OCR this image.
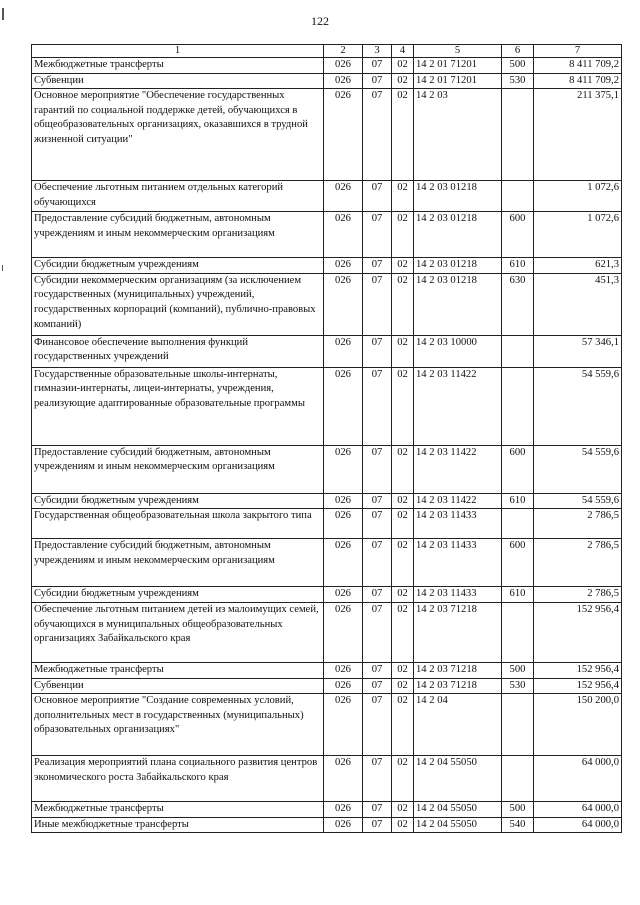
122
1	2	3	4	5	6	7
Межбюджетные трансферты	026	07	02	14 2 01 71201	500	8 411 709,2
Субвенции	026	07	02	14 2 01 71201	530	8 411 709,2
Основное мероприятие "Обеспечение государственных гарантий по социальной поддержке детей, обучающихся в общеобразовательных организациях, оказавшихся в трудной жизненной ситуации"	026	07	02	14 2 03		211 375,1
Обеспечение льготным питанием отдельных категорий обучающихся	026	07	02	14 2 03 01218		1 072,6
Предоставление субсидий бюджетным, автономным учреждениям и иным некоммерческим организациям	026	07	02	14 2 03 01218	600	1 072,6
Субсидии бюджетным учреждениям	026	07	02	14 2 03 01218	610	621,3
Субсидии некоммерческим организациям (за исключением государственных (муниципальных) учреждений, государственных корпораций (компаний), публично-правовых компаний)	026	07	02	14 2 03 01218	630	451,3
Финансовое обеспечение выполнения функций государственных учреждений	026	07	02	14 2 03 10000		57 346,1
Государственные образовательные школы-интернаты, гимназии-интернаты, лицеи-интернаты, учреждения, реализующие адаптированные образовательные программы	026	07	02	14 2 03 11422		54 559,6
Предоставление субсидий бюджетным, автономным учреждениям и иным некоммерческим организациям	026	07	02	14 2 03 11422	600	54 559,6
Субсидии бюджетным учреждениям	026	07	02	14 2 03 11422	610	54 559,6
Государственная общеобразовательная школа закрытого типа	026	07	02	14 2 03 11433		2 786,5
Предоставление субсидий бюджетным, автономным учреждениям и иным некоммерческим организациям	026	07	02	14 2 03 11433	600	2 786,5
Субсидии бюджетным учреждениям	026	07	02	14 2 03 11433	610	2 786,5
Обеспечение льготным питанием детей из малоимущих семей, обучающихся в муниципальных общеобразовательных организациях Забайкальского края	026	07	02	14 2 03 71218		152 956,4
Межбюджетные трансферты	026	07	02	14 2 03 71218	500	152 956,4
Субвенции	026	07	02	14 2 03 71218	530	152 956,4
Основное мероприятие "Создание современных условий, дополнительных мест в государственных (муниципальных) образовательных организациях"	026	07	02	14 2 04		150 200,0
Реализация мероприятий плана социального развития центров экономического роста Забайкальского края	026	07	02	14 2 04 55050		64 000,0
Межбюджетные трансферты	026	07	02	14 2 04 55050	500	64 000,0
Иные межбюджетные трансферты	026	07	02	14 2 04 55050	540	64 000,0
